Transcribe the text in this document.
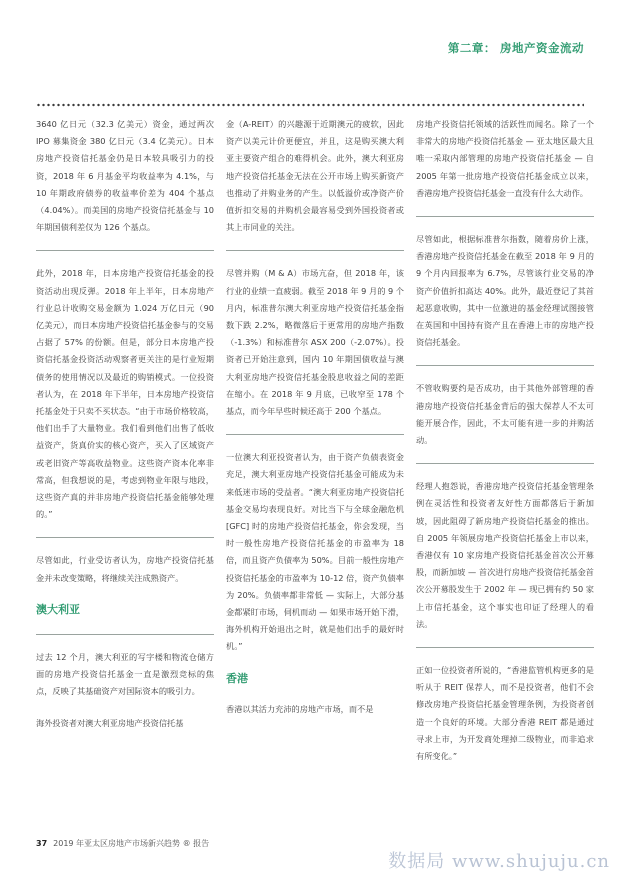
第二章： 房地产资金流动

3640 亿日元（32.3 亿美元）资金，通过两次 IPO 募集资金 380 亿日元（3.4 亿美元）。日本房地产投资信托基金仍是日本较具吸引力的投资，2018 年 6 月基金平均收益率为 4.1%，与 10 年期政府债券的收益率价差为 404 个基点（4.04%）。而美国的房地产投资信托基金与 10 年期国债利差仅为 126 个基点。

此外，2018 年，日本房地产投资信托基金的投资活动出现反弹。2018 年上半年，日本房地产行业总计收购交易金额为 1.024 万亿日元（90 亿美元），而日本房地产投资信托基金参与的交易占据了 57% 的份额。但是，部分日本房地产投资信托基金投资活动观察者更关注的是行业短期债务的使用情况以及最近的购销模式。一位投资者认为，在 2018 年下半年，日本房地产投资信托基金处于只卖不买状态。“由于市场价格较高，他们出手了大量物业。我们看到他们出售了低收益资产，货真价实的核心资产，买入了区域资产或老旧资产等高收益物业。这些资产资本化率非常高，但我想说的是，考虑到物业年限与地段，这些资产真的并非房地产投资信托基金能够处理的。”

尽管如此，行业受访者认为，房地产投资信托基金并未改变策略，将继续关注成熟资产。

澳大利亚

过去 12 个月，澳大利亚的写字楼和物流仓储方面的房地产投资信托基金一直是激烈竞标的焦点，反映了其基础资产对国际资本的吸引力。

海外投资者对澳大利亚房地产投资信托基

金（A-REIT）的兴趣源于近期澳元的疲软，因此资产以美元计价更便宜，并且，这是购买澳大利亚主要资产组合的难得机会。此外，澳大利亚房地产投资信托基金无法在公开市场上购买新资产也推动了并购业务的产生。以低溢价或净资产价值折扣交易的并购机会最容易受到外国投资者或其上市同业的关注。

尽管并购（M & A）市场亢奋，但 2018 年，该行业的业绩一直疲弱。截至 2018 年 9 月的 9 个月内，标准普尔澳大利亚房地产投资信托基金指数下跌 2.2%，略微落后于更常用的房地产指数（-1.3%）和标准普尔 ASX 200（-2.07%）。投资者已开始注意到，国内 10 年期国债收益与澳大利亚房地产投资信托基金股息收益之间的差距在缩小。在 2018 年 9 月底，已收窄至 178 个基点，而今年早些时候还高于 200 个基点。

一位澳大利亚投资者认为，由于资产负债表资金充足，澳大利亚房地产投资信托基金可能成为未来低迷市场的受益者。“澳大利亚房地产投资信托基金交易均表现良好。对比当下与全球金融危机 [GFC] 时的房地产投资信托基金，你会发现，当时一般性房地产投资信托基金的市盈率为 18 倍，而且资产负债率为 50%。目前一般性房地产投资信托基金的市盈率为 10-12 倍，资产负债率为 20%。负债率都非常低 — 实际上，大部分基金都紧盯市场，伺机而动 — 如果市场开始下滑，海外机构开始退出之时，就是他们出手的最好时机。”

香港

香港以其活力充沛的房地产市场，而不是

房地产投资信托领域的活跃性而闻名。除了一个非常大的房地产投资信托基金 — 亚太地区最大且唯一采取内部管理的房地产投资信托基金 — 自 2005 年第一批房地产投资信托基金成立以来，香港房地产投资信托基金一直没有什么大动作。

尽管如此，根据标准普尔指数，随着房价上涨，香港房地产投资信托基金在截至 2018 年 9 月的 9 个月内回报率为 6.7%，尽管该行业交易的净资产价值折扣高达 40%。此外，最近登记了其首起恶意收购，其中一位激进的基金经理试图接管在英国和中国持有资产且在香港上市的房地产投资信托基金。

不管收购要约是否成功，由于其他外部管理的香港房地产投资信托基金背后的强大保荐人不太可能开展合作，因此，不太可能有进一步的并购活动。

经理人抱怨说，香港房地产投资信托基金管理条例在灵活性和投资者友好性方面都落后于新加坡，因此阻碍了新房地产投资信托基金的推出。自 2005 年领展房地产投资信托基金上市以来，香港仅有 10 家房地产投资信托基金首次公开募股，而新加坡 — 首次进行房地产投资信托基金首次公开募股发生于 2002 年 — 现已拥有约 50 家上市信托基金，这个事实也印证了经理人的看法。

正如一位投资者所说的，“香港监管机构更多的是听从于 REIT 保荐人，而不是投资者，他们不会修改房地产投资信托基金管理条例，为投资者创造一个良好的环境。大部分香港 REIT 都是通过寻求上市，为开发商处理掉二级物业，而非追求有所变化。”

37 2019 年亚太区房地产市场新兴趋势 ® 报告
数据局 www.shujuju.cn
